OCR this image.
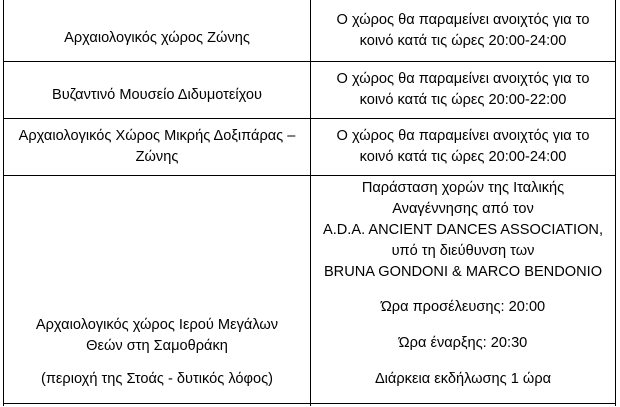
Αρχαιολογικός χώρος Ζώνης
Ο χώρος θα παραμείνει ανοιχτός για το
κοινό κατά τις ώρες 20:00-24:00
Βυζαντινό Μουσείο Διδυμοτείχου
Ο χώρος θα παραμείνει ανοιχτός για το
κοινό κατά τις ώρες 20:00-22:00
Αρχαιολογικός Χώρος Μικρής Δοξιπάρας –
Ζώνης
Ο χώρος θα παραμείνει ανοιχτός για το
κοινό κατά τις ώρες 20:00-24:00
Αρχαιολογικός χώρος Ιερού Μεγάλων
Θεών στη Σαμοθράκη
(περιοχή της Στοάς - δυτικός λόφος)
Παράσταση χορών της Ιταλικής
Αναγέννησης από τον
A.D.A. ANCIENT DANCES ASSOCIATION,
υπό τη διεύθυνση των
BRUNA GONDONI & MARCO BENDONIO
Ώρα προσέλευσης: 20:00
Ώρα έναρξης: 20:30
Διάρκεια εκδήλωσης 1 ώρα
